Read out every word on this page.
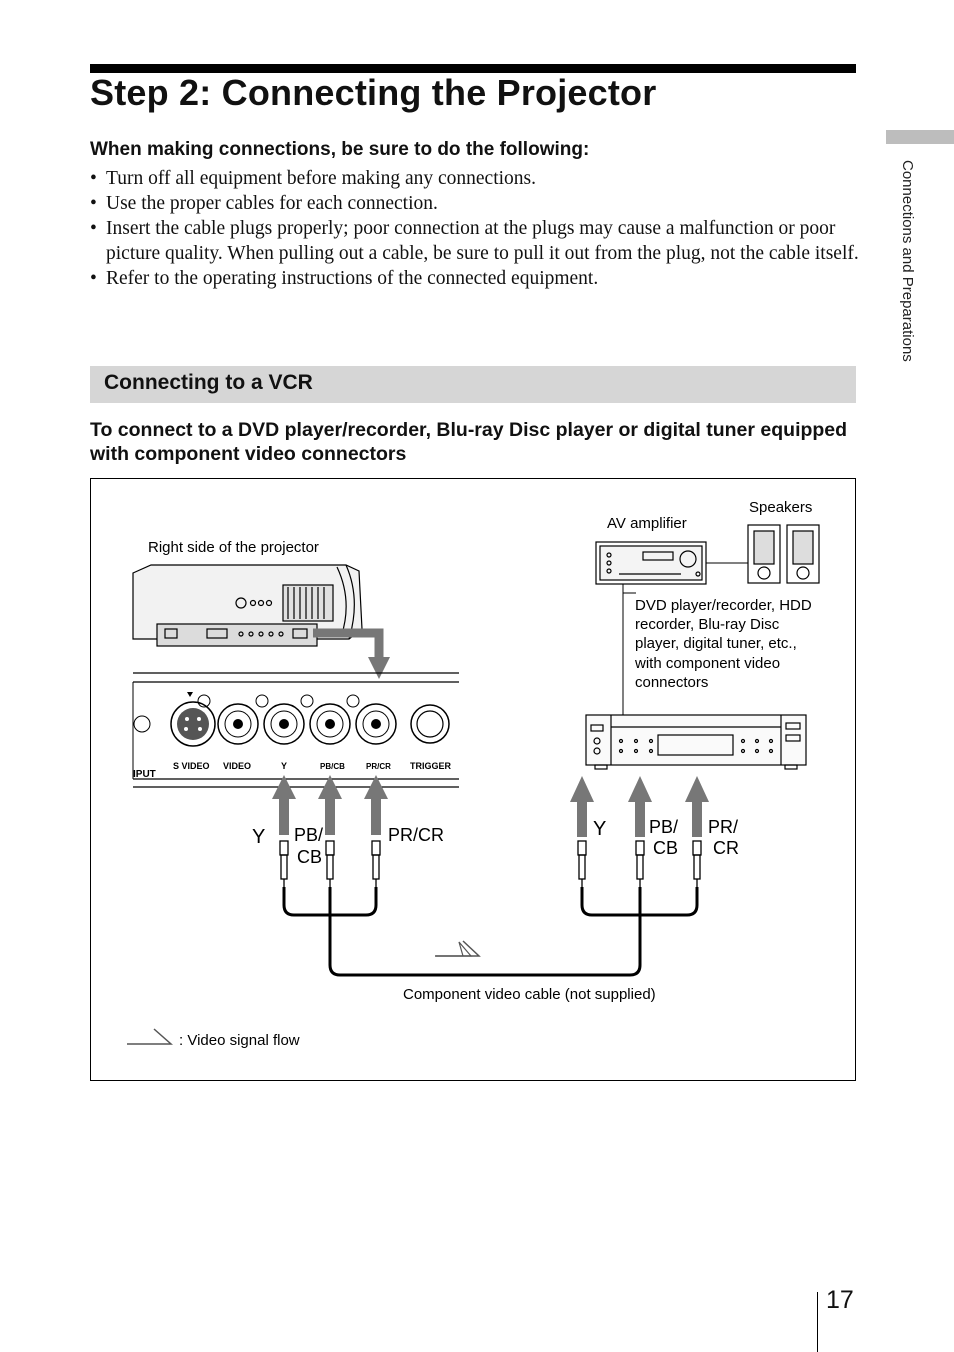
Step 2: Connecting the Projector
Connections and Preparations
When making connections, be sure to do the following:
• Turn off all equipment before making any connections.
• Use the proper cables for each connection.
• Insert the cable plugs properly; poor connection at the plugs may cause a malfunction or poor picture quality. When pulling out a cable, be sure to pull it out from the plug, not the cable itself.
• Refer to the operating instructions of the connected equipment.
Connecting to a VCR
To connect to a DVD player/recorder, Blu-ray Disc player or digital tuner equipped with component video connectors
Right side of the projector
AV amplifier
Speakers
DVD player/recorder, HDD recorder, Blu-ray Disc player, digital tuner, etc., with component video connectors
IPUT
S VIDEO VIDEO	Y	PB/CB	PR/CR TRIGGER
Y PB/
CB
PR/CR	Y PB/
CB
PR/
CR
Component video cable (not supplied)
: Video signal flow
17
